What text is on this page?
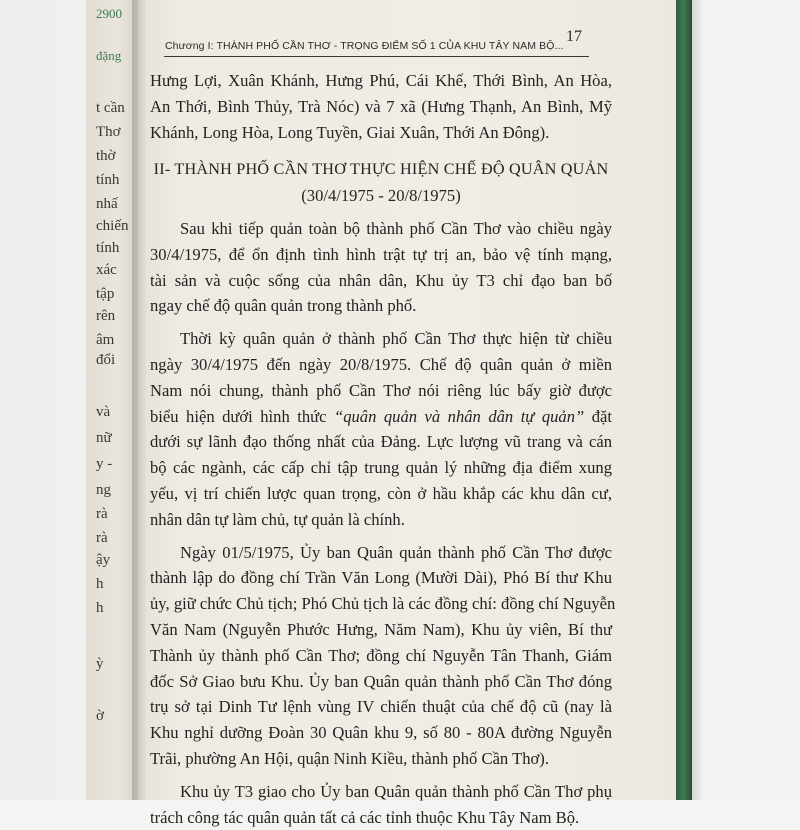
2900
đặng
t cần
Thơ
thờ
tính
nhấ
chiến
tính
xác
tập
rên
âm
đổi
và
nữ
y -
ng
rà
rà
ậy
h
h
ỳ
ờ
Chương I: THÀNH PHỐ CẦN THƠ - TRỌNG ĐIỂM SỐ 1 CỦA KHU TÂY NAM BỘ...
17
Hưng Lợi, Xuân Khánh, Hưng Phú, Cái Khế, Thới Bình, An Hòa,
An Thới, Bình Thủy, Trà Nóc) và 7 xã (Hưng Thạnh, An Bình, Mỹ
Khánh, Long Hòa, Long Tuyền, Giai Xuân, Thới An Đông).
II- THÀNH PHỐ CẦN THƠ THỰC HIỆN CHẾ ĐỘ QUÂN QUẢN
(30/4/1975 - 20/8/1975)
Sau khi tiếp quản toàn bộ thành phố Cần Thơ vào chiều ngày
30/4/1975, để ổn định tình hình trật tự trị an, bảo vệ tính mạng,
tài sản và cuộc sống của nhân dân, Khu ủy T3 chỉ đạo ban bố
ngay chế độ quân quản trong thành phố.
Thời kỳ quân quản ở thành phố Cần Thơ thực hiện từ chiều
ngày 30/4/1975 đến ngày 20/8/1975. Chế độ quân quản ở miền
Nam nói chung, thành phố Cần Thơ nói riêng lúc bấy giờ được
biểu hiện dưới hình thức “quân quản và nhân dân tự quản” đặt
dưới sự lãnh đạo thống nhất của Đảng. Lực lượng vũ trang và cán
bộ các ngành, các cấp chỉ tập trung quản lý những địa điểm xung
yếu, vị trí chiến lược quan trọng, còn ở hầu khắp các khu dân cư,
nhân dân tự làm chủ, tự quản là chính.
Ngày 01/5/1975, Ủy ban Quân quản thành phố Cần Thơ được
thành lập do đồng chí Trần Văn Long (Mười Dài), Phó Bí thư Khu
ủy, giữ chức Chủ tịch; Phó Chủ tịch là các đồng chí: đồng chí Nguyễn
Văn Nam (Nguyễn Phước Hưng, Năm Nam), Khu ủy viên, Bí thư
Thành ủy thành phố Cần Thơ; đồng chí Nguyễn Tân Thanh, Giám
đốc Sở Giao bưu Khu. Ủy ban Quân quản thành phố Cần Thơ đóng
trụ sở tại Dinh Tư lệnh vùng IV chiến thuật của chế độ cũ (nay là
Khu nghỉ dưỡng Đoàn 30 Quân khu 9, số 80 - 80A đường Nguyễn
Trãi, phường An Hội, quận Ninh Kiều, thành phố Cần Thơ).
Khu ủy T3 giao cho Ủy ban Quân quản thành phố Cần Thơ phụ
trách công tác quân quản tất cả các tỉnh thuộc Khu Tây Nam Bộ.
